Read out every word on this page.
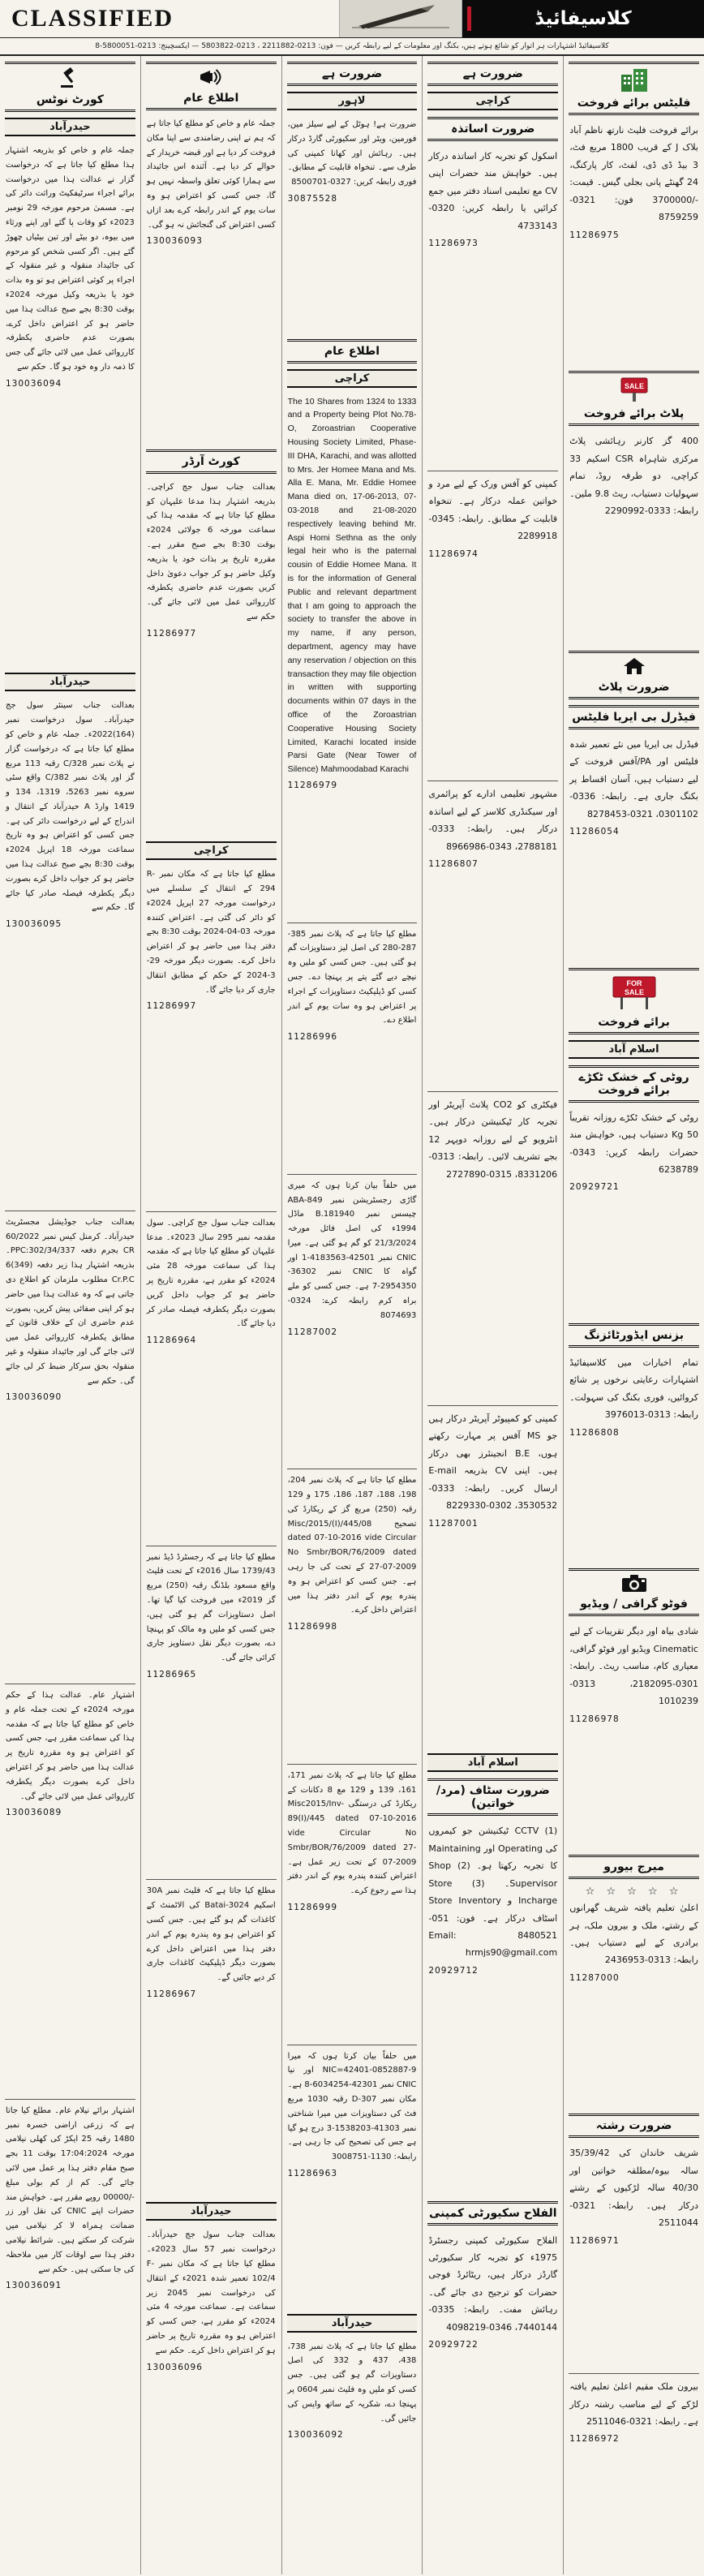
CLASSIFIED	کلاسیفائیڈ
کلاسیفائیڈ اشتہارات ہر اتوار کو شائع ہوتے ہیں، بکنگ اور معلومات کے لیے رابطہ کریں — فون: 0213-2211882 ، 0213-5803822 — ایکسچینج: 0213-5800051-8
کورٹ نوٹس
حیدرآباد
جملہ عام و خاص کو بذریعہ اشتہار ہذا مطلع کیا جاتا ہے کہ درخواست گزار نے عدالت ہذا میں درخواست برائے اجراء سرٹیفکیٹ وراثت دائر کی ہے۔ مسمیٰ مرحوم مورخہ 29 نومبر 2023ء کو وفات پا گئے اور اپنے ورثاء میں بیوہ، دو بیٹے اور تین بیٹیاں چھوڑ گئے ہیں۔ اگر کسی شخص کو مرحوم کی جائیداد منقولہ و غیر منقولہ کے اجراء پر کوئی اعتراض ہو تو وہ بذات خود یا بذریعہ وکیل مورخہ 2024ء بوقت 8:30 بجے صبح عدالت ہذا میں حاضر ہو کر اعتراض داخل کرے، بصورت عدم حاضری یکطرفہ کارروائی عمل میں لائی جائے گی جس کا ذمہ دار وہ خود ہو گا۔ حکم سے
130036094
حیدرآباد
بعدالت جناب سینئر سول جج حیدرآباد۔ سول درخواست نمبر (164)2022ء۔ جملہ عام و خاص کو مطلع کیا جاتا ہے کہ درخواست گزار نے پلاٹ نمبر 328/C رقبہ 113 مربع گز اور پلاٹ نمبر 382/C واقع سٹی سروے نمبر 5263، 1319، 134 و 1419 وارڈ A حیدرآباد کے انتقال و اندراج کے لیے درخواست دائر کی ہے۔ جس کسی کو اعتراض ہو وہ تاریخ سماعت مورخہ 18 اپریل 2024ء بوقت 8:30 بجے صبح عدالت ہذا میں حاضر ہو کر جواب داخل کرے بصورت دیگر یکطرفہ فیصلہ صادر کیا جائے گا۔ حکم سے
130036095
بعدالت جناب جوڈیشل مجسٹریٹ حیدرآباد۔ کرمنل کیس نمبر 60/2022 CR بجرم دفعہ PPC:302/34/337۔ بذریعہ اشتہار ہذا زیر دفعہ (349)6 Cr.P.C مطلوب ملزمان کو اطلاع دی جاتی ہے کہ وہ عدالت ہذا میں حاضر ہو کر اپنی صفائی پیش کریں، بصورت عدم حاضری ان کے خلاف قانون کے مطابق یکطرفہ کارروائی عمل میں لائی جائے گی اور جائیداد منقولہ و غیر منقولہ بحق سرکار ضبط کر لی جائے گی۔ حکم سے
130036090
اشتہار عام۔ عدالت ہذا کے حکم مورخہ 2024ء کے تحت جملہ عام و خاص کو مطلع کیا جاتا ہے کہ مقدمہ ہذا کی سماعت مقرر ہے، جس کسی کو اعتراض ہو وہ مقررہ تاریخ پر عدالت ہذا میں حاضر ہو کر اعتراض داخل کرے بصورت دیگر یکطرفہ کارروائی عمل میں لائی جائے گی۔
130036089
اشتہار برائے نیلام عام۔ مطلع کیا جاتا ہے کہ زرعی اراضی خسرہ نمبر 1480 رقبہ 25 ایکڑ کی کھلی نیلامی مورخہ 17:04:2024 بوقت 11 بجے صبح مقام دفتر ہذا پر عمل میں لائی جائے گی۔ کم از کم بولی مبلغ -/00000 روپے مقرر ہے۔ خواہش مند حضرات اپنے CNIC کی نقل اور زر ضمانت ہمراہ لا کر نیلامی میں شرکت کر سکتے ہیں۔ شرائط نیلامی دفتر ہذا سے اوقات کار میں ملاحظہ کی جا سکتی ہیں۔ حکم سے
130036091
اطلاع عام
جملہ عام و خاص کو مطلع کیا جاتا ہے کہ ہم نے اپنی رضامندی سے اپنا مکان فروخت کر دیا ہے اور قبضہ خریدار کے حوالے کر دیا ہے۔ آئندہ اس جائیداد سے ہمارا کوئی تعلق واسطہ نہیں ہو گا، جس کسی کو اعتراض ہو وہ سات یوم کے اندر رابطہ کرے بعد ازاں کسی اعتراض کی گنجائش نہ ہو گی۔
130036093
کورٹ آرڈر
بعدالت جناب سول جج کراچی۔ بذریعہ اشتہار ہذا مدعا علیہان کو مطلع کیا جاتا ہے کہ مقدمہ ہذا کی سماعت مورخہ 6 جولائی 2024ء بوقت 8:30 بجے صبح مقرر ہے۔ مقررہ تاریخ پر بذات خود یا بذریعہ وکیل حاضر ہو کر جواب دعویٰ داخل کریں بصورت عدم حاضری یکطرفہ کارروائی عمل میں لائی جائے گی۔ حکم سے
11286977
کراچی
مطلع کیا جاتا ہے کہ مکان نمبر R-294 کے انتقال کے سلسلے میں درخواست مورخہ 27 اپریل 2024ء کو دائر کی گئی ہے۔ اعتراض کنندہ مورخہ 03-04-2024 بوقت 8:30 بجے دفتر ہذا میں حاضر ہو کر اعتراض داخل کرے۔ بصورت دیگر مورخہ 29-3-2024 کے حکم کے مطابق انتقال جاری کر دیا جائے گا۔
11286997
بعدالت جناب سول جج کراچی۔ سول مقدمہ نمبر 295 سال 2023ء۔ مدعا علیہان کو مطلع کیا جاتا ہے کہ مقدمہ ہذا کی سماعت مورخہ 28 مئی 2024ء کو مقرر ہے، مقررہ تاریخ پر حاضر ہو کر جواب داخل کریں بصورت دیگر یکطرفہ فیصلہ صادر کر دیا جائے گا۔
11286964
مطلع کیا جاتا ہے کہ رجسٹرڈ ڈیڈ نمبر 1739/43 سال 2016ء کے تحت فلیٹ واقع مسعود بلڈنگ رقبہ (250) مربع گز 2019ء میں فروخت کیا گیا تھا۔ اصل دستاویزات گم ہو گئی ہیں، جس کسی کو ملیں وہ مالک کو پہنچا دے، بصورت دیگر نقل دستاویز جاری کرائی جائے گی۔
11286965
مطلع کیا جاتا ہے کہ فلیٹ نمبر 30A اسکیم Batai-3024 کی الاٹمنٹ کے کاغذات گم ہو گئے ہیں۔ جس کسی کو اعتراض ہو وہ پندرہ یوم کے اندر دفتر ہذا میں اعتراض داخل کرے بصورت دیگر ڈپلیکیٹ کاغذات جاری کر دیے جائیں گے۔
11286967
حیدرآباد
بعدالت جناب سول جج حیدرآباد۔ درخواست نمبر 57 سال 2023ء۔ مطلع کیا جاتا ہے کہ مکان نمبر F-102/4 تعمیر شدہ 2021ء کے انتقال کی درخواست نمبر 2045 زیر سماعت ہے۔ سماعت مورخہ 4 مئی 2024ء کو مقرر ہے، جس کسی کو اعتراض ہو وہ مقررہ تاریخ پر حاضر ہو کر اعتراض داخل کرے۔ حکم سے
130036096
ضرورت ہے
لاہور
ضرورت ہے! ہوٹل کے لیے سیلز مین، فورمین، ویٹر اور سکیورٹی گارڈ درکار ہیں۔ رہائش اور کھانا کمپنی کی طرف سے۔ تنخواہ قابلیت کے مطابق۔ فوری رابطہ کریں: 0327-8500701
30875528
اطلاع عام
کراچی
The 10 Shares from 1324 to 1333 and a Property being Plot No.78-O, Zoroastrian Cooperative Housing Society Limited, Phase-III DHA, Karachi, and was allotted to Mrs. Jer Homee Mana and Ms. Alla E. Mana, Mr. Eddie Homee Mana died on, 17-06-2013, 07-03-2018 and 21-08-2020 respectively leaving behind Mr. Aspi Homi Sethna as the only legal heir who is the paternal cousin of Eddie Homee Mana. It is for the information of General Public and relevant department that I am going to approach the society to transfer the above in my name, if any person, department, agency may have any reservation / objection on this transaction they may file objection in written with supporting documents within 07 days in the office of the Zoroastrian Cooperative Housing Society Limited, Karachi located inside Parsi Gate (Near Tower of Silence) Mahmoodabad Karachi
11286979
مطلع کیا جاتا ہے کہ پلاٹ نمبر 385-287-280 کی اصل لیز دستاویزات گم ہو گئی ہیں۔ جس کسی کو ملیں وہ نیچے دیے گئے پتے پر پہنچا دے۔ جس کسی کو ڈپلیکیٹ دستاویزات کے اجراء پر اعتراض ہو وہ سات یوم کے اندر اطلاع دے۔
11286996
میں حلفاً بیان کرتا ہوں کہ میری گاڑی رجسٹریشن نمبر ABA-849 چیسس نمبر B.181940 ماڈل 1994ء کی اصل فائل مورخہ 21/3/2024 کو گم ہو گئی ہے۔ میرا CNIC نمبر 42501-4183563-1 اور گواہ کا CNIC نمبر 36302-2954350-7 ہے۔ جس کسی کو ملے براہ کرم رابطہ کرے: 0324-8074693
11287002
مطلع کیا جاتا ہے کہ پلاٹ نمبر 204، 198، 188، 187، 186، 175 و 129 رقبہ (250) مربع گز کے ریکارڈ کی تصحیح Misc/2015/(I)/445/08 dated 07-10-2016 vide Circular No Smbr/BOR/76/2009 dated 27-07-2009 کے تحت کی جا رہی ہے۔ جس کسی کو اعتراض ہو وہ پندرہ یوم کے اندر دفتر ہذا میں اعتراض داخل کرے۔
11286998
مطلع کیا جاتا ہے کہ پلاٹ نمبر 171، 161، 139 و 129 مع 8 دکانات کے ریکارڈ کی درستگی Misc2015/Inv-89(I)/445 dated 07-10-2016 vide Circular No Smbr/BOR/76/2009 dated 27-07-2009 کے تحت زیر عمل ہے۔ اعتراض کنندہ پندرہ یوم کے اندر دفتر ہذا سے رجوع کرے۔
11286999
میں حلفاً بیان کرتا ہوں کہ میرا NIC=42401-0852887-9 اور نیا CNIC نمبر 42301-6034254-8 ہے۔ مکان نمبر D-307 رقبہ 1030 مربع فٹ کی دستاویزات میں میرا شناختی نمبر 41303-1538203-3 درج ہو گیا ہے جس کی تصحیح کی جا رہی ہے۔ رابطہ: 1130-3008751
11286963
حیدرآباد
مطلع کیا جاتا ہے کہ پلاٹ نمبر 738، 438، 437 و 332 کی اصل دستاویزات گم ہو گئی ہیں۔ جس کسی کو ملیں وہ فلیٹ نمبر 0604 پر پہنچا دے، شکریہ کے ساتھ واپس کی جائیں گی۔
130036092
ضرورت ہے
کراچی
ضرورت اساتذہ
اسکول کو تجربہ کار اساتذہ درکار ہیں۔ خواہش مند حضرات اپنی CV مع تعلیمی اسناد دفتر میں جمع کرائیں یا رابطہ کریں: 0320-4733143
11286973
کمپنی کو آفس ورک کے لیے مرد و خواتین عملہ درکار ہے۔ تنخواہ قابلیت کے مطابق۔ رابطہ: 0345-2289918
11286974
مشہور تعلیمی ادارے کو پرائمری اور سیکنڈری کلاسز کے لیے اساتذہ درکار ہیں۔ رابطہ: 0333-2788181، 0343-8966986
11286807
فیکٹری کو CO2 پلانٹ آپریٹر اور تجربہ کار ٹیکنیشن درکار ہیں۔ انٹرویو کے لیے روزانہ دوپہر 12 بجے تشریف لائیں۔ رابطہ: 0313-8331206، 0315-2727890
کمپنی کو کمپیوٹر آپریٹر درکار ہیں جو MS آفس پر مہارت رکھتے ہوں، B.E انجینئرز بھی درکار ہیں۔ اپنی CV بذریعہ E-mail ارسال کریں۔ رابطہ: 0333-3530532، 0302-8229330
11287001
اسلام آباد
ضرورت سٹاف (مرد/خواتین)
(1) CCTV ٹیکنیشن جو کیمروں کی Operating اور Maintaining کا تجربہ رکھتا ہو۔ (2) Shop Supervisor۔ (3) Store Incharge و Store Inventory اسٹاف درکار ہے۔ فون: 051-8480521 Email: hrmjs90@gmail.com
20929712
الفلاح سکیورٹی کمپنی
الفلاح سکیورٹی کمپنی رجسٹرڈ 1975ء کو تجربہ کار سکیورٹی گارڈز درکار ہیں، ریٹائرڈ فوجی حضرات کو ترجیح دی جائے گی۔ رہائش مفت۔ رابطہ: 0335-7440144، 0346-4098219
20929722
فلیٹس برائے فروخت
برائے فروخت فلیٹ نارتھ ناظم آباد بلاک J کے قریب 1800 مربع فٹ، 3 بیڈ ڈی ڈی، لفٹ، کار پارکنگ، 24 گھنٹے پانی بجلی گیس۔ قیمت: -/3700000 فون: 0321-8759259
11286975
SALE
پلاٹ برائے فروخت
400 گز کارنر رہائشی پلاٹ مرکزی شاہراہ CSR اسکیم 33 کراچی، دو طرفہ روڈ، تمام سہولیات دستیاب، ریٹ 9.8 ملین۔ رابطہ: 0333-2290992
ضرورت پلاٹ
فیڈرل بی ایریا فلیٹس
فیڈرل بی ایریا میں نئے تعمیر شدہ فلیٹس اور PA/آفس فروخت کے لیے دستیاب ہیں، آسان اقساط پر بکنگ جاری ہے۔ رابطہ: 0336-0301102، 0321-8278453
11286054
FOR
SALE
برائے فروخت
اسلام آباد
روٹی کے خشک ٹکڑے برائے فروخت
روٹی کے خشک ٹکڑے روزانہ تقریباً 50 Kg دستیاب ہیں، خواہش مند حضرات رابطہ کریں: 0343-6238789
20929721
بزنس ایڈورٹائزنگ
تمام اخبارات میں کلاسیفائیڈ اشتہارات رعایتی نرخوں پر شائع کروائیں، فوری بکنگ کی سہولت۔ رابطہ: 0313-3976013
11286808
فوٹو گرافی / ویڈیو
شادی بیاہ اور دیگر تقریبات کے لیے Cinematic ویڈیو اور فوٹو گرافی، معیاری کام، مناسب ریٹ۔ رابطہ: 0301-2182095، 0313-1010239
11286978
میرج بیورو
☆ ☆ ☆ ☆ ☆
اعلیٰ تعلیم یافتہ شریف گھرانوں کے رشتے، ملک و بیرون ملک، ہر برادری کے لیے دستیاب ہیں۔ رابطہ: 0313-2436953
11287000
ضرورت رشتہ
شریف خاندان کی 35/39/42 سالہ بیوہ/مطلقہ خواتین اور 40/30 سالہ لڑکیوں کے رشتے درکار ہیں۔ رابطہ: 0321-2511044
11286971
بیرون ملک مقیم اعلیٰ تعلیم یافتہ لڑکے کے لیے مناسب رشتہ درکار ہے۔ رابطہ: 0321-2511046
11286972
